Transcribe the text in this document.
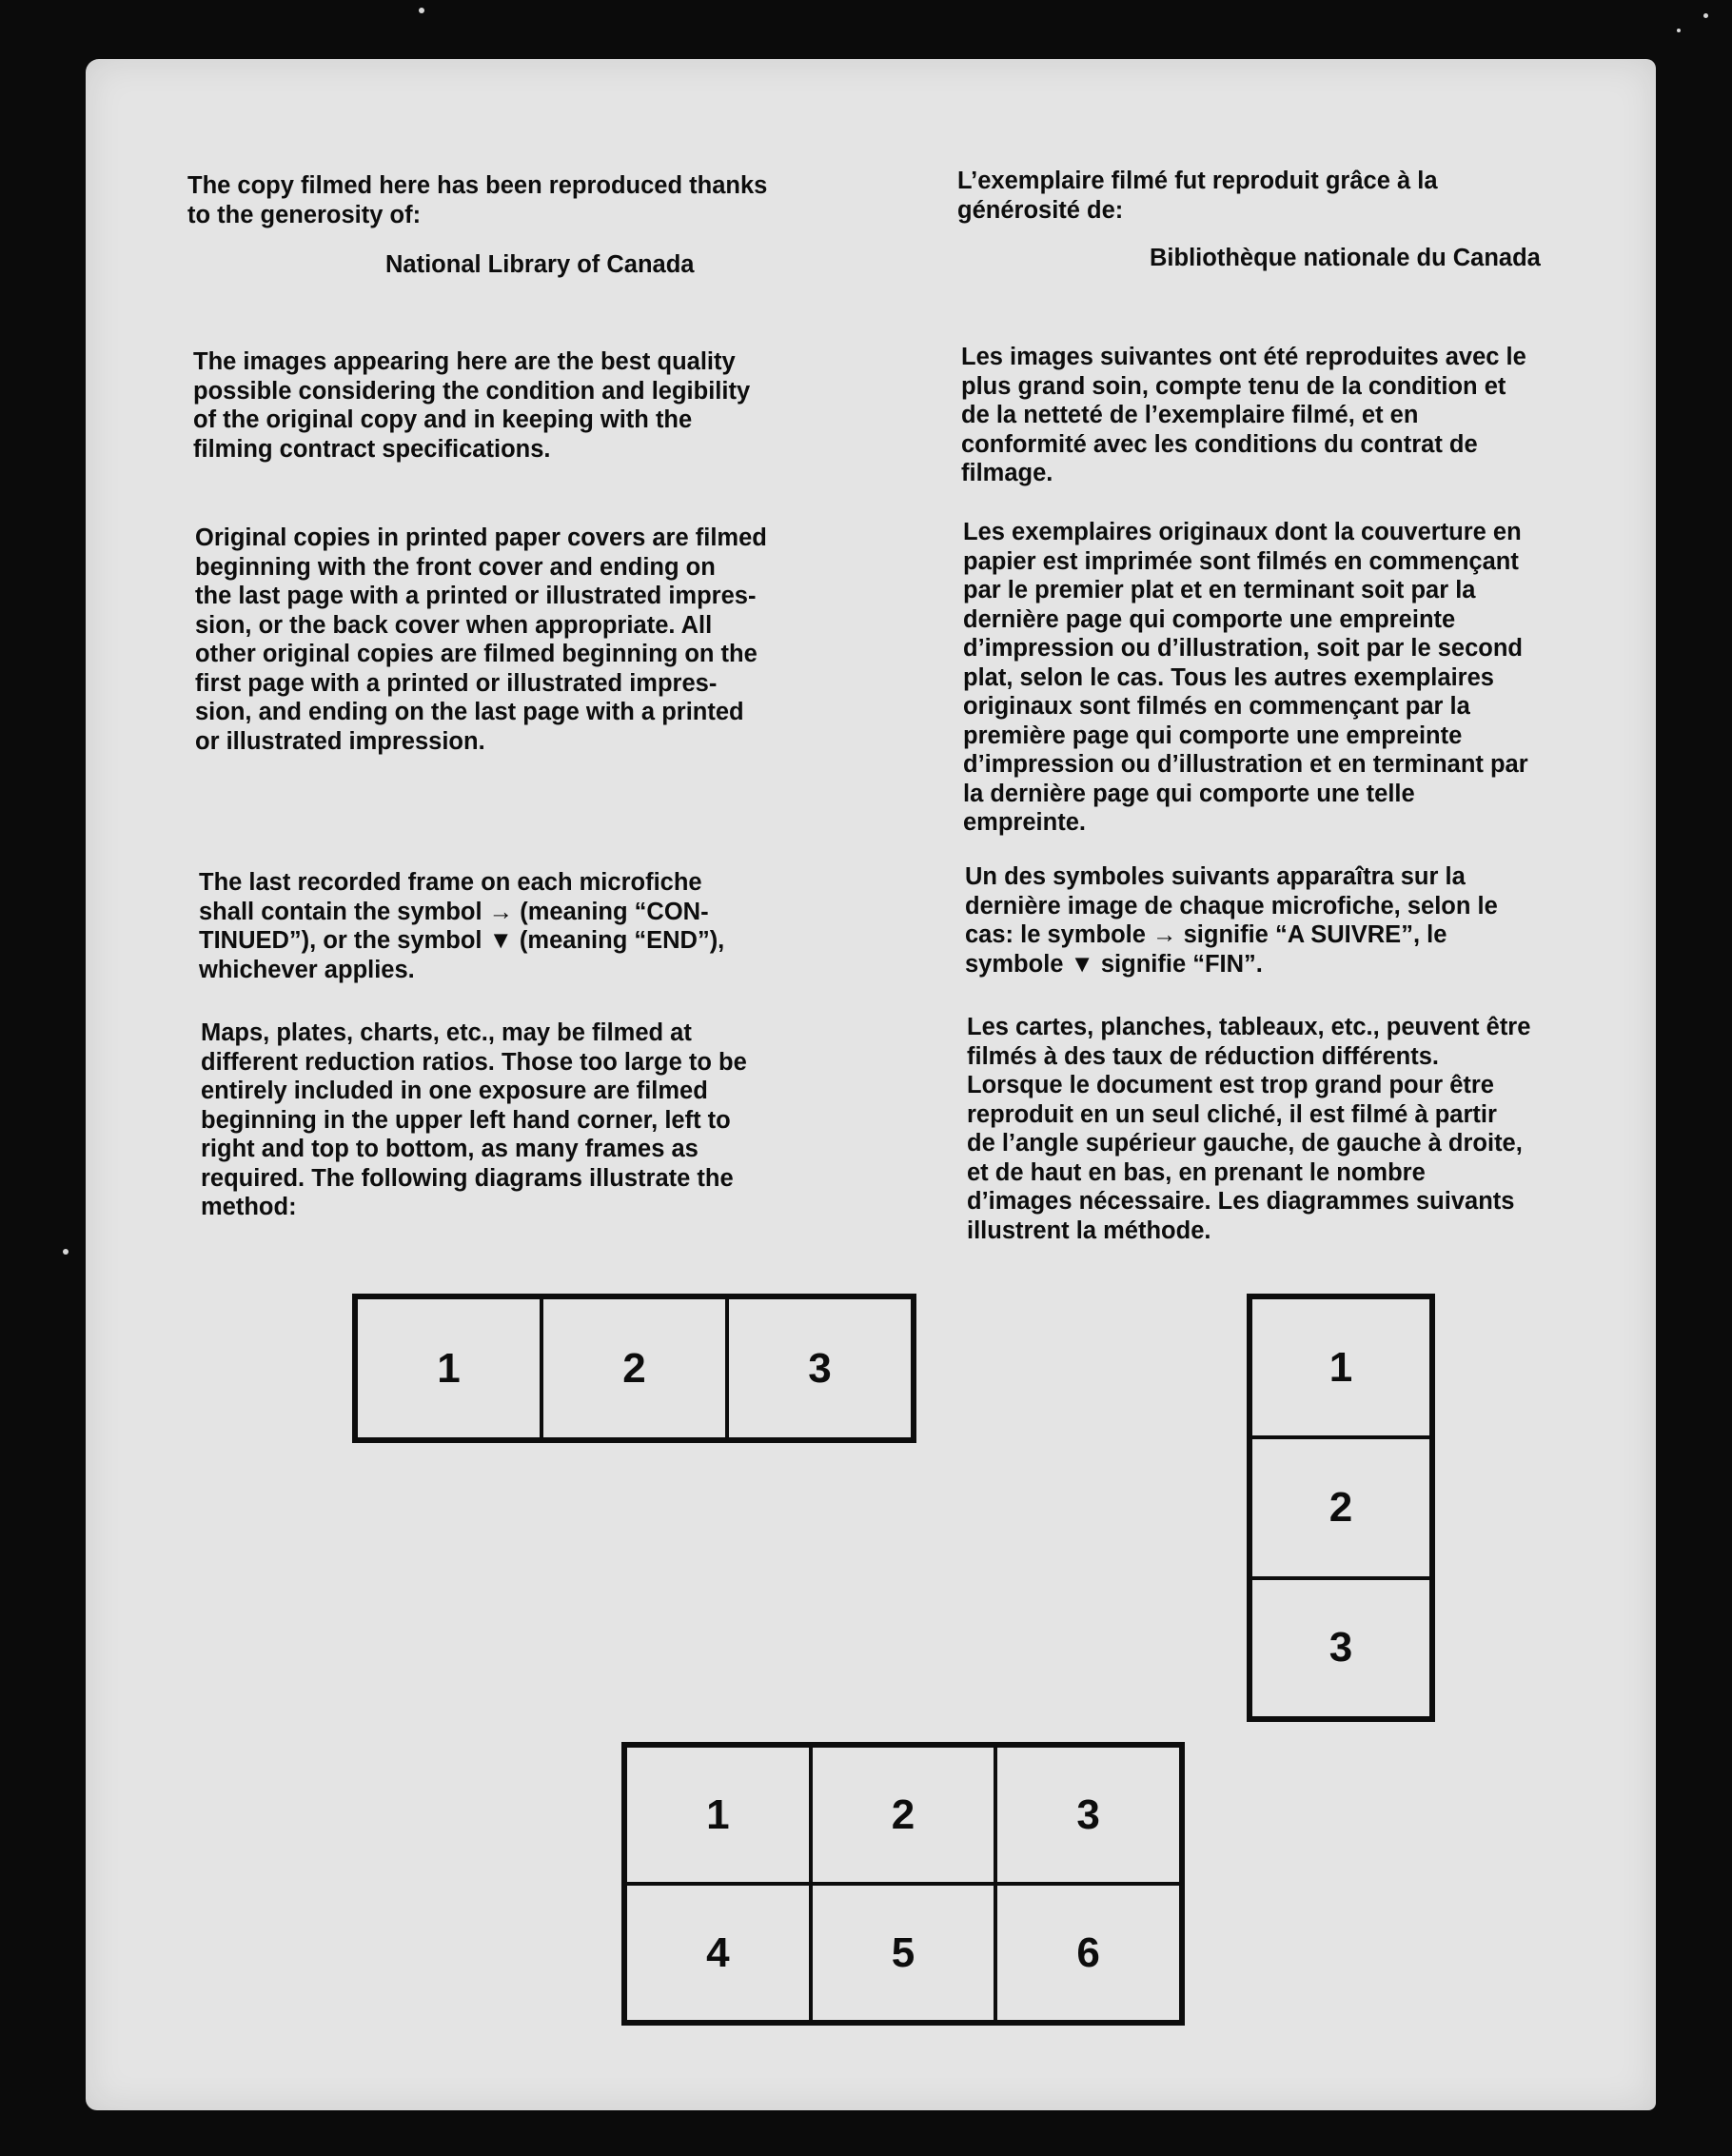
The copy filmed here has been reproduced thanks
to the generosity of:

National Library of Canada

The images appearing here are the best quality
possible considering the condition and legibility
of the original copy and in keeping with the
filming contract specifications.

Original copies in printed paper covers are filmed
beginning with the front cover and ending on
the last page with a printed or illustrated impres-
sion, or the back cover when appropriate. All
other original copies are filmed beginning on the
first page with a printed or illustrated impres-
sion, and ending on the last page with a printed
or illustrated impression.

The last recorded frame on each microfiche
shall contain the symbol → (meaning “CON-
TINUED”), or the symbol ▼ (meaning “END”),
whichever applies.

Maps, plates, charts, etc., may be filmed at
different reduction ratios. Those too large to be
entirely included in one exposure are filmed
beginning in the upper left hand corner, left to
right and top to bottom, as many frames as
required. The following diagrams illustrate the
method:

L’exemplaire filmé fut reproduit grâce à la
générosité de:

Bibliothèque nationale du Canada

Les images suivantes ont été reproduites avec le
plus grand soin, compte tenu de la condition et
de la netteté de l’exemplaire filmé, et en
conformité avec les conditions du contrat de
filmage.

Les exemplaires originaux dont la couverture en
papier est imprimée sont filmés en commençant
par le premier plat et en terminant soit par la
dernière page qui comporte une empreinte
d’impression ou d’illustration, soit par le second
plat, selon le cas. Tous les autres exemplaires
originaux sont filmés en commençant par la
première page qui comporte une empreinte
d’impression ou d’illustration et en terminant par
la dernière page qui comporte une telle
empreinte.

Un des symboles suivants apparaîtra sur la
dernière image de chaque microfiche, selon le
cas: le symbole → signifie “A SUIVRE”, le
symbole ▼ signifie “FIN”.

Les cartes, planches, tableaux, etc., peuvent être
filmés à des taux de réduction différents.
Lorsque le document est trop grand pour être
reproduit en un seul cliché, il est filmé à partir
de l’angle supérieur gauche, de gauche à droite,
et de haut en bas, en prenant le nombre
d’images nécessaire. Les diagrammes suivants
illustrent la méthode.

1	2	3	1
2
3
1	2	3
4	5	6
